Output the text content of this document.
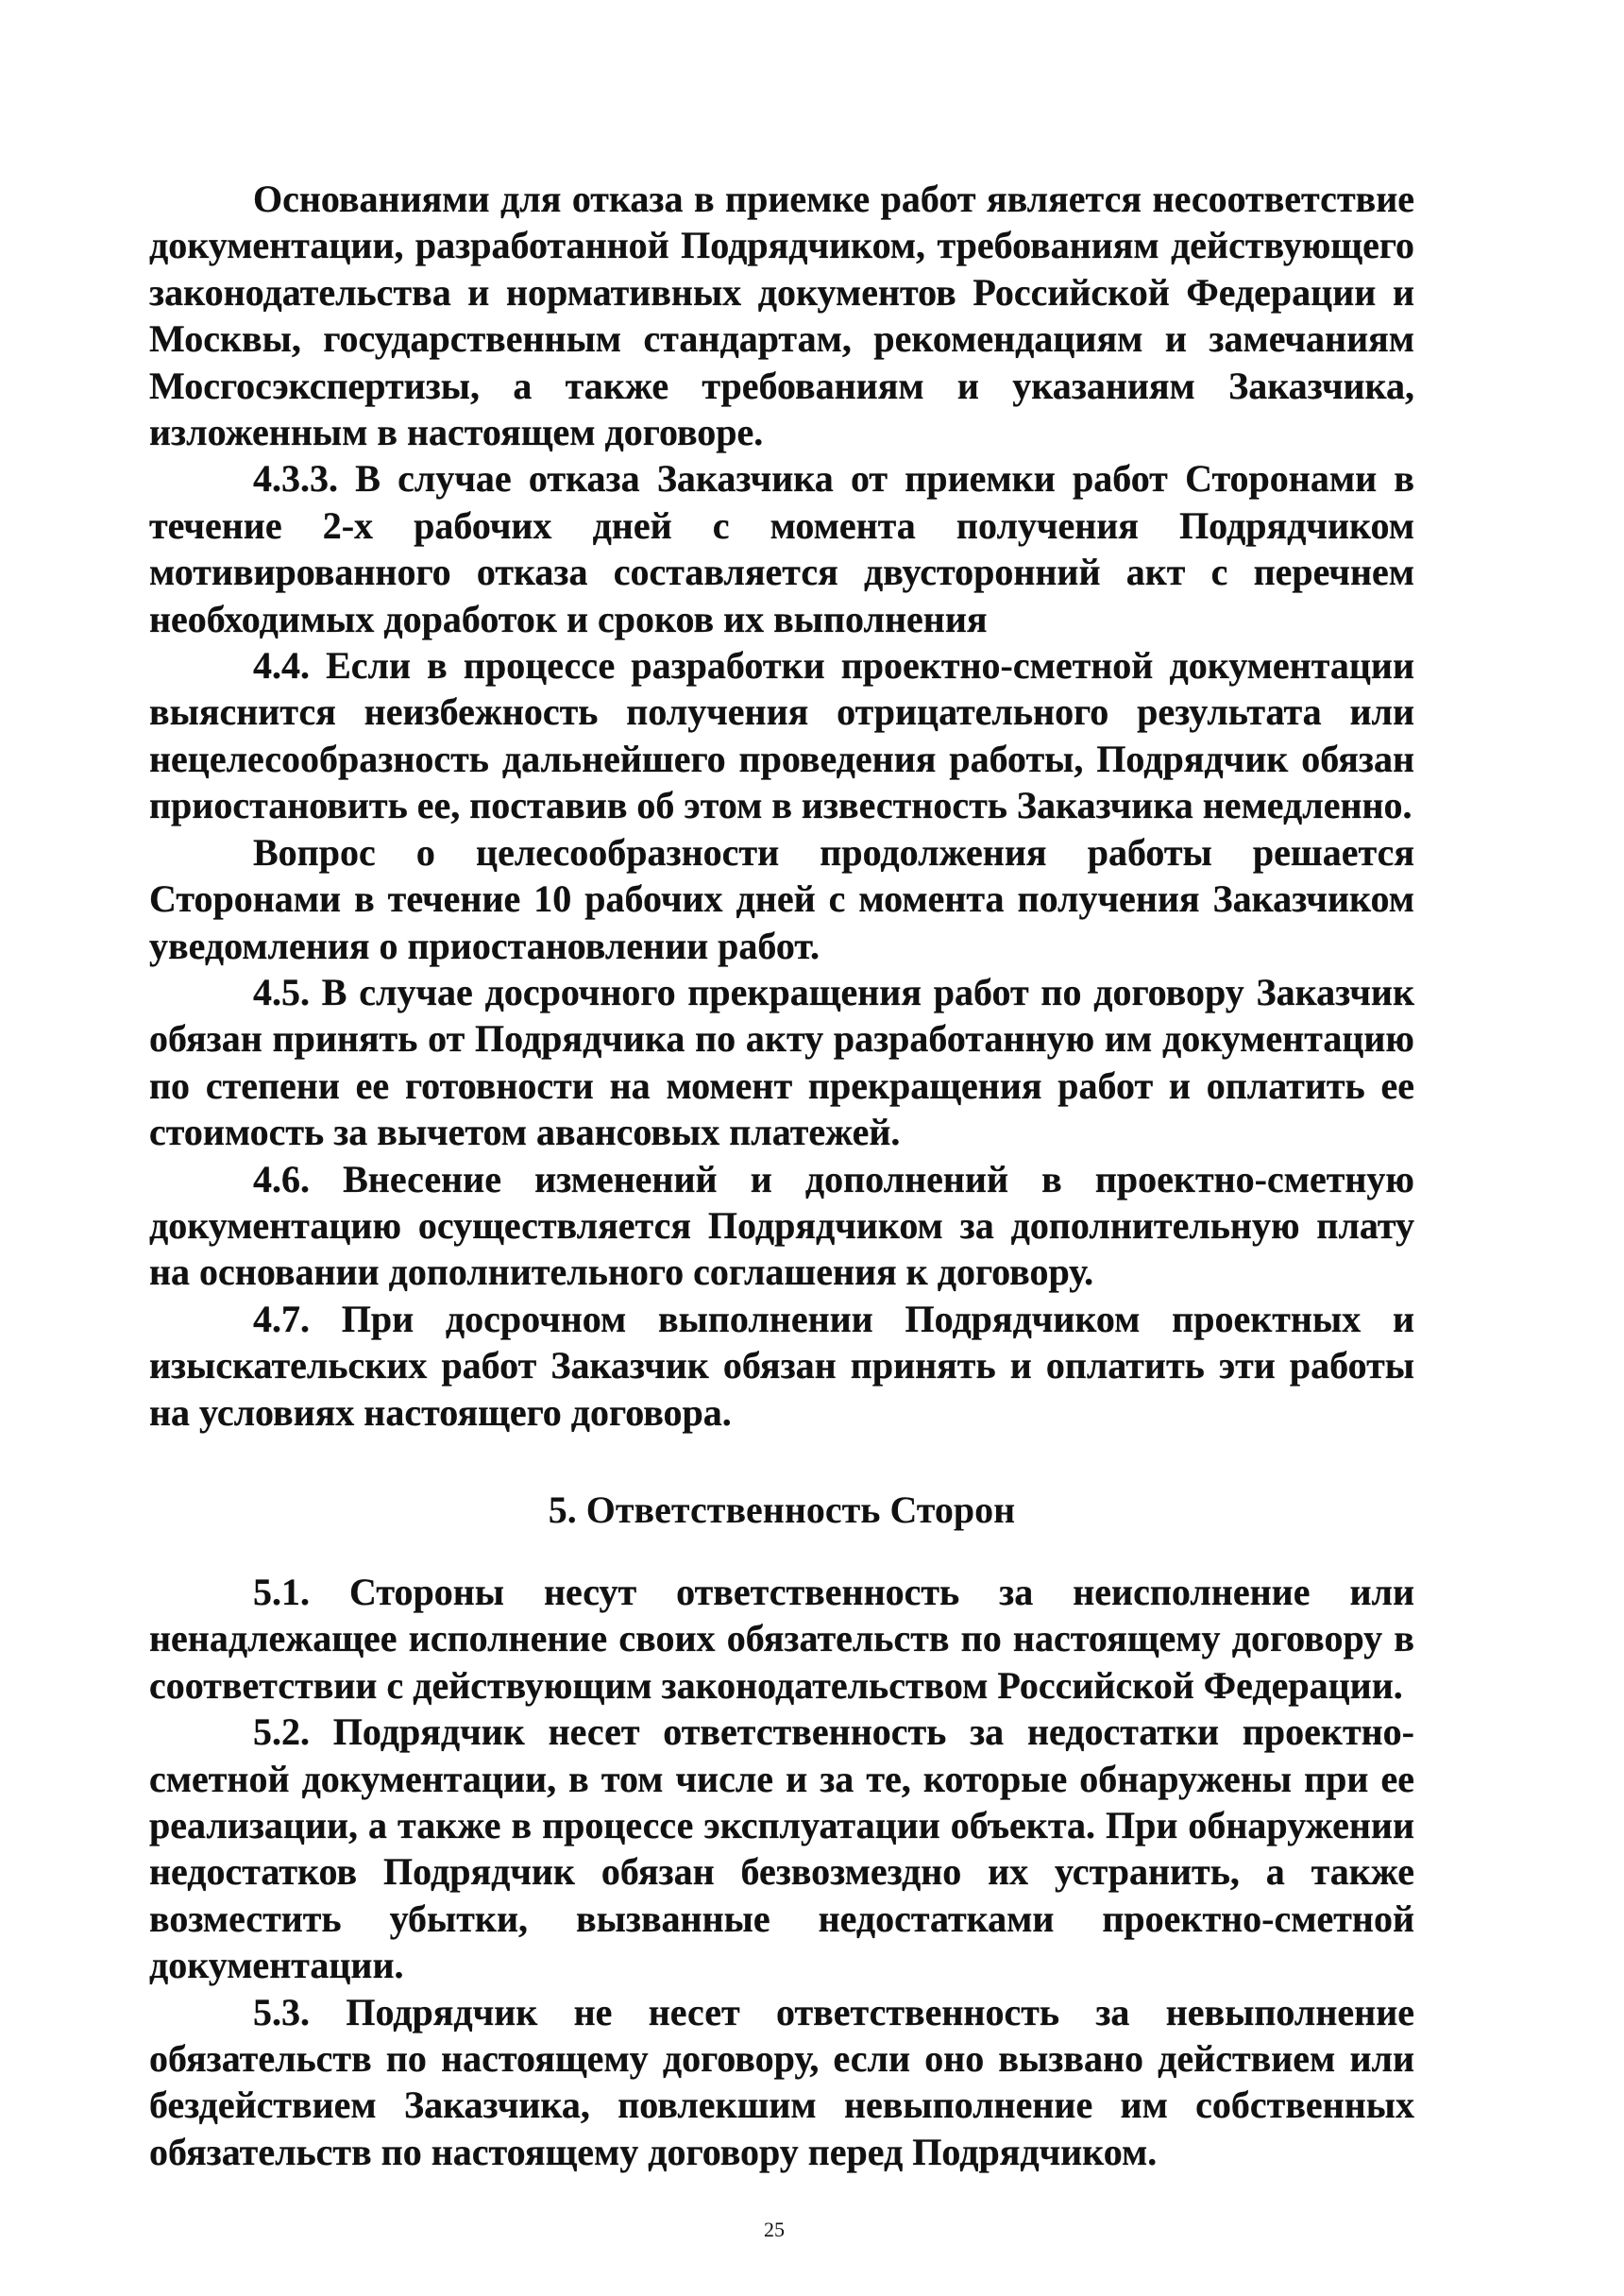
Основаниями для отказа в приемке работ является несоответствие документации, разработанной Подрядчиком, требованиям действующего законодательства и нормативных документов Российской Федерации и Москвы, государственным стандартам, рекомендациям и замечаниям Мосгосэкспертизы, а также требованиям и указаниям Заказчика, изложенным в настоящем договоре.

4.3.3. В случае отказа Заказчика от приемки работ Сторонами в течение 2-х рабочих дней с момента получения Подрядчиком мотивированного отказа составляется двусторонний акт с перечнем необходимых доработок и сроков их выполнения

4.4. Если в процессе разработки проектно-сметной документации выяснится неизбежность получения отрицательного результата или нецелесообразность дальнейшего проведения работы, Подрядчик обязан приостановить ее, поставив об этом в известность Заказчика немедленно.

Вопрос о целесообразности продолжения работы решается Сторонами в течение 10 рабочих дней с момента получения Заказчиком уведомления о приостановлении работ.

4.5. В случае досрочного прекращения работ по договору Заказчик обязан принять от Подрядчика по акту разработанную им документацию по степени ее готовности на момент прекращения работ и оплатить ее стоимость за вычетом авансовых платежей.

4.6. Внесение изменений и дополнений в проектно-сметную документацию осуществляется Подрядчиком за дополнительную плату на основании дополнительного соглашения к договору.

4.7. При досрочном выполнении Подрядчиком проектных и изыскательских работ Заказчик обязан принять и оплатить эти работы на условиях настоящего договора.

5. Ответственность Сторон

5.1. Стороны несут ответственность за неисполнение или ненадлежащее исполнение своих обязательств по настоящему договору в соответствии с действующим законодательством Российской Федерации.

5.2. Подрядчик несет ответственность за недостатки проектно-сметной документации, в том числе и за те, которые обнаружены при ее реализации, а также в процессе эксплуатации объекта. При обнаружении недостатков Подрядчик обязан безвозмездно их устранить, а также возместить убытки, вызванные недостатками проектно-сметной документации.

5.3. Подрядчик не несет ответственность за невыполнение обязательств по настоящему договору, если оно вызвано действием или бездействием Заказчика, повлекшим невыполнение им собственных обязательств по настоящему договору перед Подрядчиком.

25
